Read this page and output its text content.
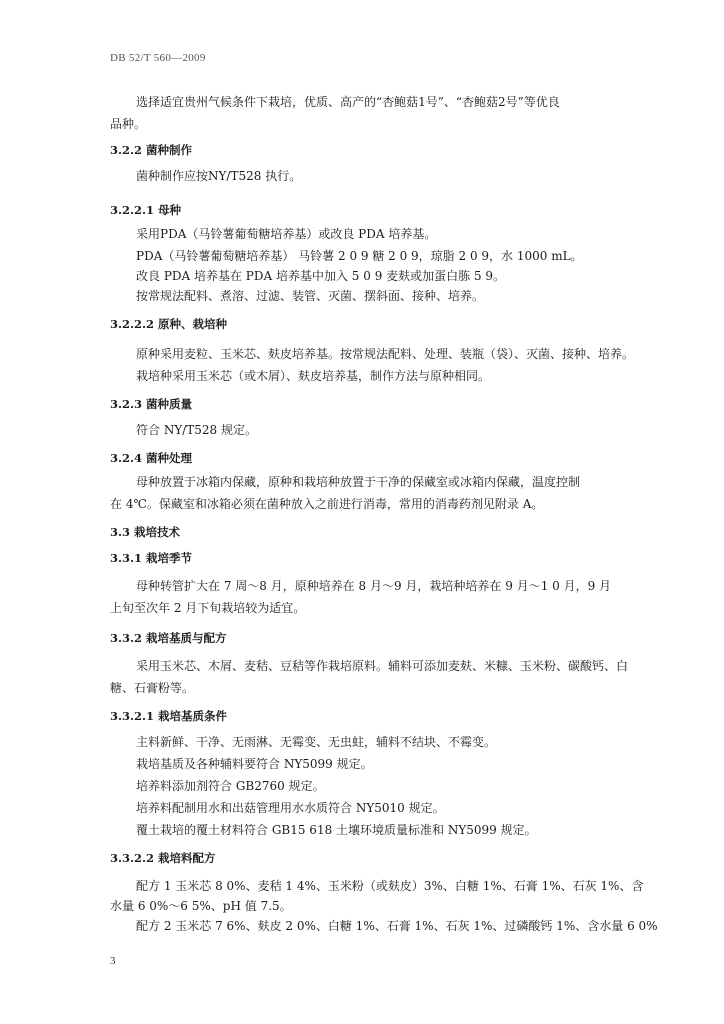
DB 52/T 560—2009
选择适宜贵州气候条件下栽培，优质、高产的“杏鲍菇1号”、“杏鲍菇2号”等优良
品种。
3.2.2 菌种制作
菌种制作应按NY/T528 执行。
3.2.2.1 母种
采用PDA（马铃薯葡萄糖培养基）或改良 PDA 培养基。
PDA（马铃薯葡萄糖培养基） 马铃薯 2 0 9 糖 2 0 9，琼脂 2 0 9，水 1000 mL。
改良 PDA 培养基在 PDA 培养基中加入 5 0 9 麦麸或加蛋白胨 5 9。
按常规法配料、煮溶、过滤、装管、灭菌、摆斜面、接种、培养。
3.2.2.2 原种、栽培种
原种采用麦粒、玉米芯、麸皮培养基。按常规法配料、处理、装瓶（袋）、灭菌、接种、培养。
栽培种采用玉米芯（或木屑）、麸皮培养基，制作方法与原种相同。
3.2.3 菌种质量
符合 NY/T528 规定。
3.2.4 菌种处理
母种放置于冰箱内保藏，原种和栽培种放置于干净的保藏室或冰箱内保藏，温度控制
在 4℃。保藏室和冰箱必须在菌种放入之前进行消毒，常用的消毒药剂见附录 A。
3.3 栽培技术
3.3.1 栽培季节
母种转管扩大在 7 周～8 月，原种培养在 8 月～9 月，栽培种培养在 9 月～1 0 月，9 月
上旬至次年 2 月下旬栽培较为适宜。
3.3.2 栽培基质与配方
采用玉米芯、木屑、麦秸、豆秸等作栽培原料。辅料可添加麦麸、米糠、玉米粉、碳酸钙、白
糖、石膏粉等。
3.3.2.1 栽培基质条件
主料新鲜、干净、无雨淋、无霉变、无虫蛀，辅料不结块、不霉变。
栽培基质及各种辅料要符合 NY5099 规定。
培养料添加剂符合 GB2760 规定。
培养料配制用水和出菇管理用水水质符合 NY5010 规定。
覆土栽培的覆土材料符合 GB15 618 土壤环境质量标准和 NY5099 规定。
3.3.2.2 栽培料配方
配方 1 玉米芯 8 0%、麦秸 1 4%、玉米粉（或麸皮）3%、白糖 1%、石膏 1%、石灰 1%、含
水量 6 0%～6 5%、pH 值 7.5。
配方 2 玉米芯 7 6%、麸皮 2 0%、白糖 1%、石膏 1%、石灰 1%、过磷酸钙 1%、含水量 6 0%
3
